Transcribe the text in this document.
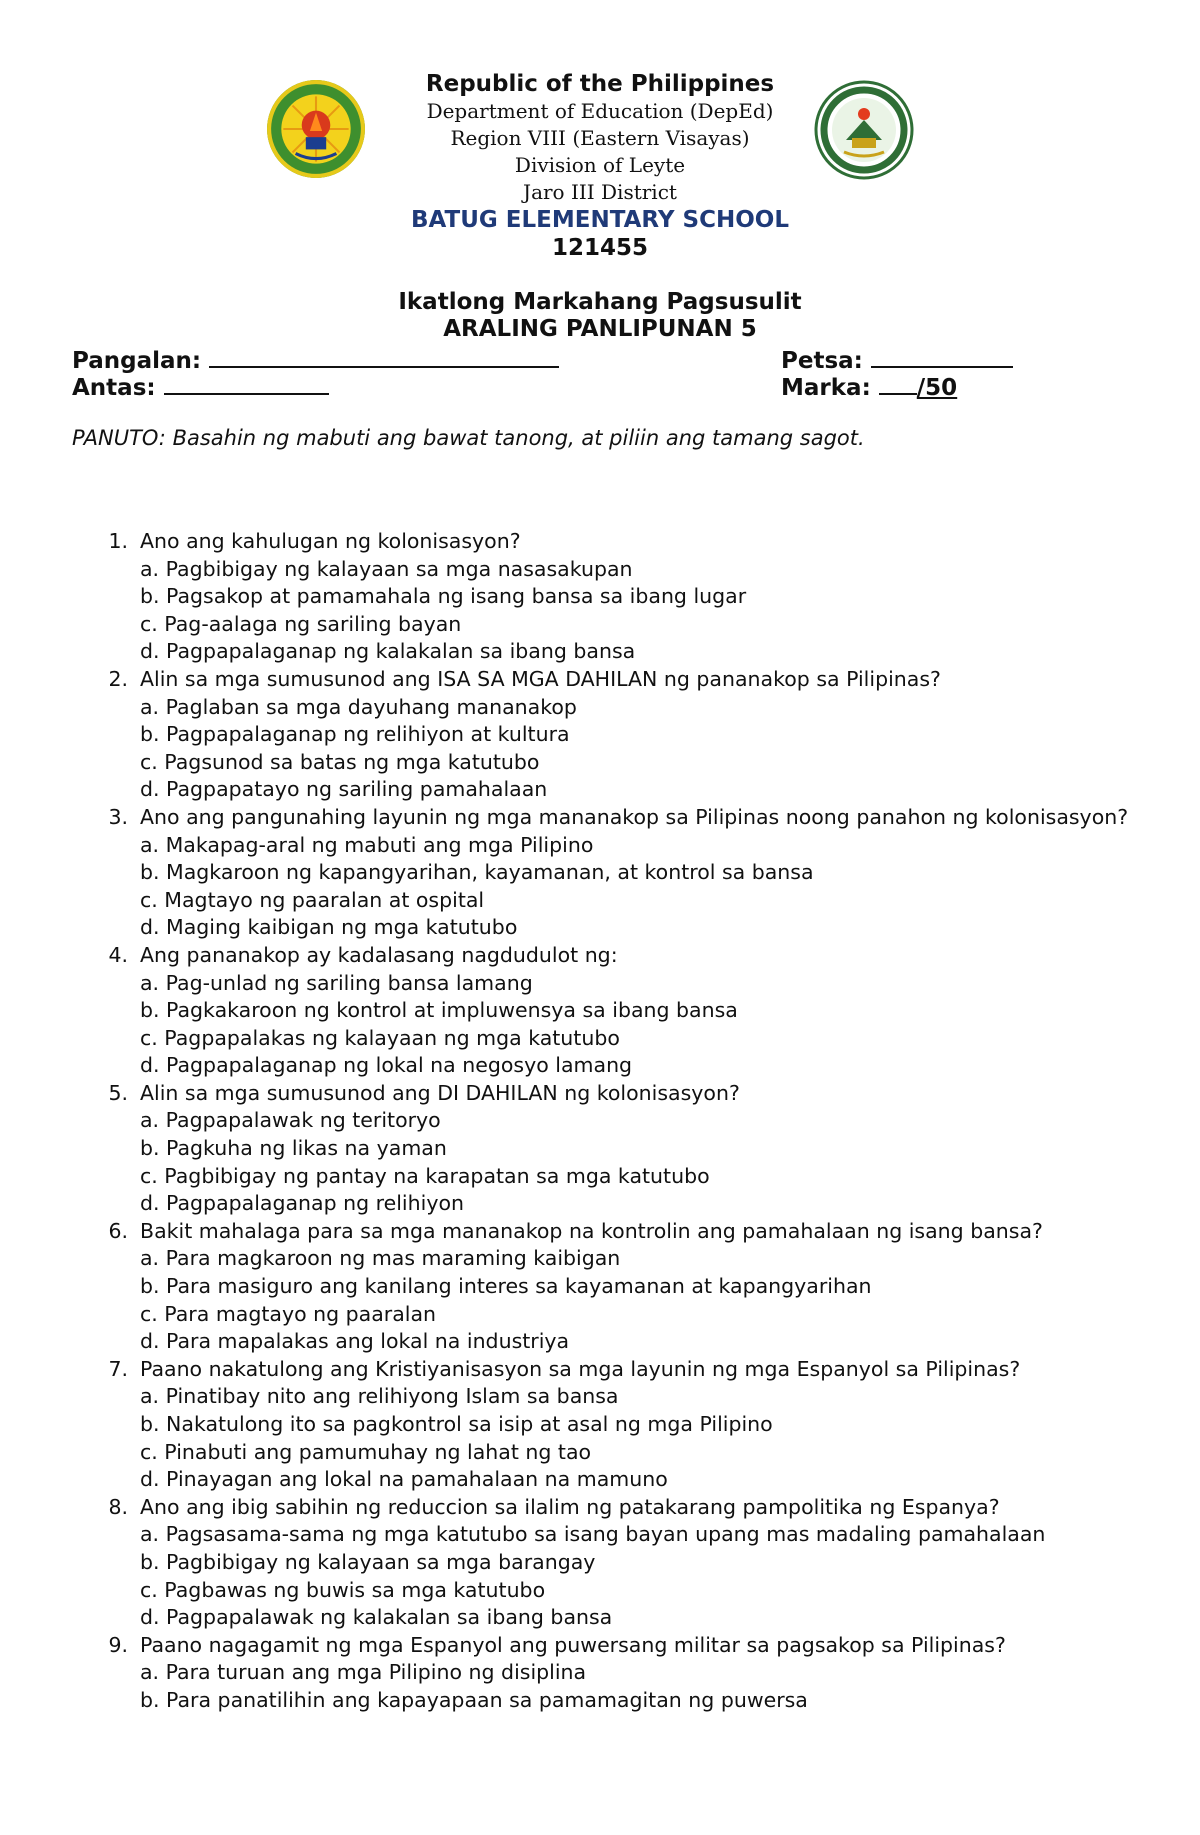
Republic of the Philippines
Department of Education (DepEd)
Region VIII (Eastern Visayas)
Division of Leyte
Jaro III District
BATUG ELEMENTARY SCHOOL
121455
Ikatlong Markahang Pagsusulit
ARALING PANLIPUNAN 5
Pangalan:	Petsa:
Antas:	Marka: /50
PANUTO: Basahin ng mabuti ang bawat tanong, at piliin ang tamang sagot.
1. Ano ang kahulugan ng kolonisasyon?
a. Pagbibigay ng kalayaan sa mga nasasakupan
b. Pagsakop at pamamahala ng isang bansa sa ibang lugar
c. Pag-aalaga ng sariling bayan
d. Pagpapalaganap ng kalakalan sa ibang bansa
2. Alin sa mga sumusunod ang ISA SA MGA DAHILAN ng pananakop sa Pilipinas?
a. Paglaban sa mga dayuhang mananakop
b. Pagpapalaganap ng relihiyon at kultura
c. Pagsunod sa batas ng mga katutubo
d. Pagpapatayo ng sariling pamahalaan
3. Ano ang pangunahing layunin ng mga mananakop sa Pilipinas noong panahon ng kolonisasyon?
a. Makapag-aral ng mabuti ang mga Pilipino
b. Magkaroon ng kapangyarihan, kayamanan, at kontrol sa bansa
c. Magtayo ng paaralan at ospital
d. Maging kaibigan ng mga katutubo
4. Ang pananakop ay kadalasang nagdudulot ng:
a. Pag-unlad ng sariling bansa lamang
b. Pagkakaroon ng kontrol at impluwensya sa ibang bansa
c. Pagpapalakas ng kalayaan ng mga katutubo
d. Pagpapalaganap ng lokal na negosyo lamang
5. Alin sa mga sumusunod ang DI DAHILAN ng kolonisasyon?
a. Pagpapalawak ng teritoryo
b. Pagkuha ng likas na yaman
c. Pagbibigay ng pantay na karapatan sa mga katutubo
d. Pagpapalaganap ng relihiyon
6. Bakit mahalaga para sa mga mananakop na kontrolin ang pamahalaan ng isang bansa?
a. Para magkaroon ng mas maraming kaibigan
b. Para masiguro ang kanilang interes sa kayamanan at kapangyarihan
c. Para magtayo ng paaralan
d. Para mapalakas ang lokal na industriya
7. Paano nakatulong ang Kristiyanisasyon sa mga layunin ng mga Espanyol sa Pilipinas?
a. Pinatibay nito ang relihiyong Islam sa bansa
b. Nakatulong ito sa pagkontrol sa isip at asal ng mga Pilipino
c. Pinabuti ang pamumuhay ng lahat ng tao
d. Pinayagan ang lokal na pamahalaan na mamuno
8. Ano ang ibig sabihin ng reduccion sa ilalim ng patakarang pampolitika ng Espanya?
a. Pagsasama-sama ng mga katutubo sa isang bayan upang mas madaling pamahalaan
b. Pagbibigay ng kalayaan sa mga barangay
c. Pagbawas ng buwis sa mga katutubo
d. Pagpapalawak ng kalakalan sa ibang bansa
9. Paano nagagamit ng mga Espanyol ang puwersang militar sa pagsakop sa Pilipinas?
a. Para turuan ang mga Pilipino ng disiplina
b. Para panatilihin ang kapayapaan sa pamamagitan ng puwersa
